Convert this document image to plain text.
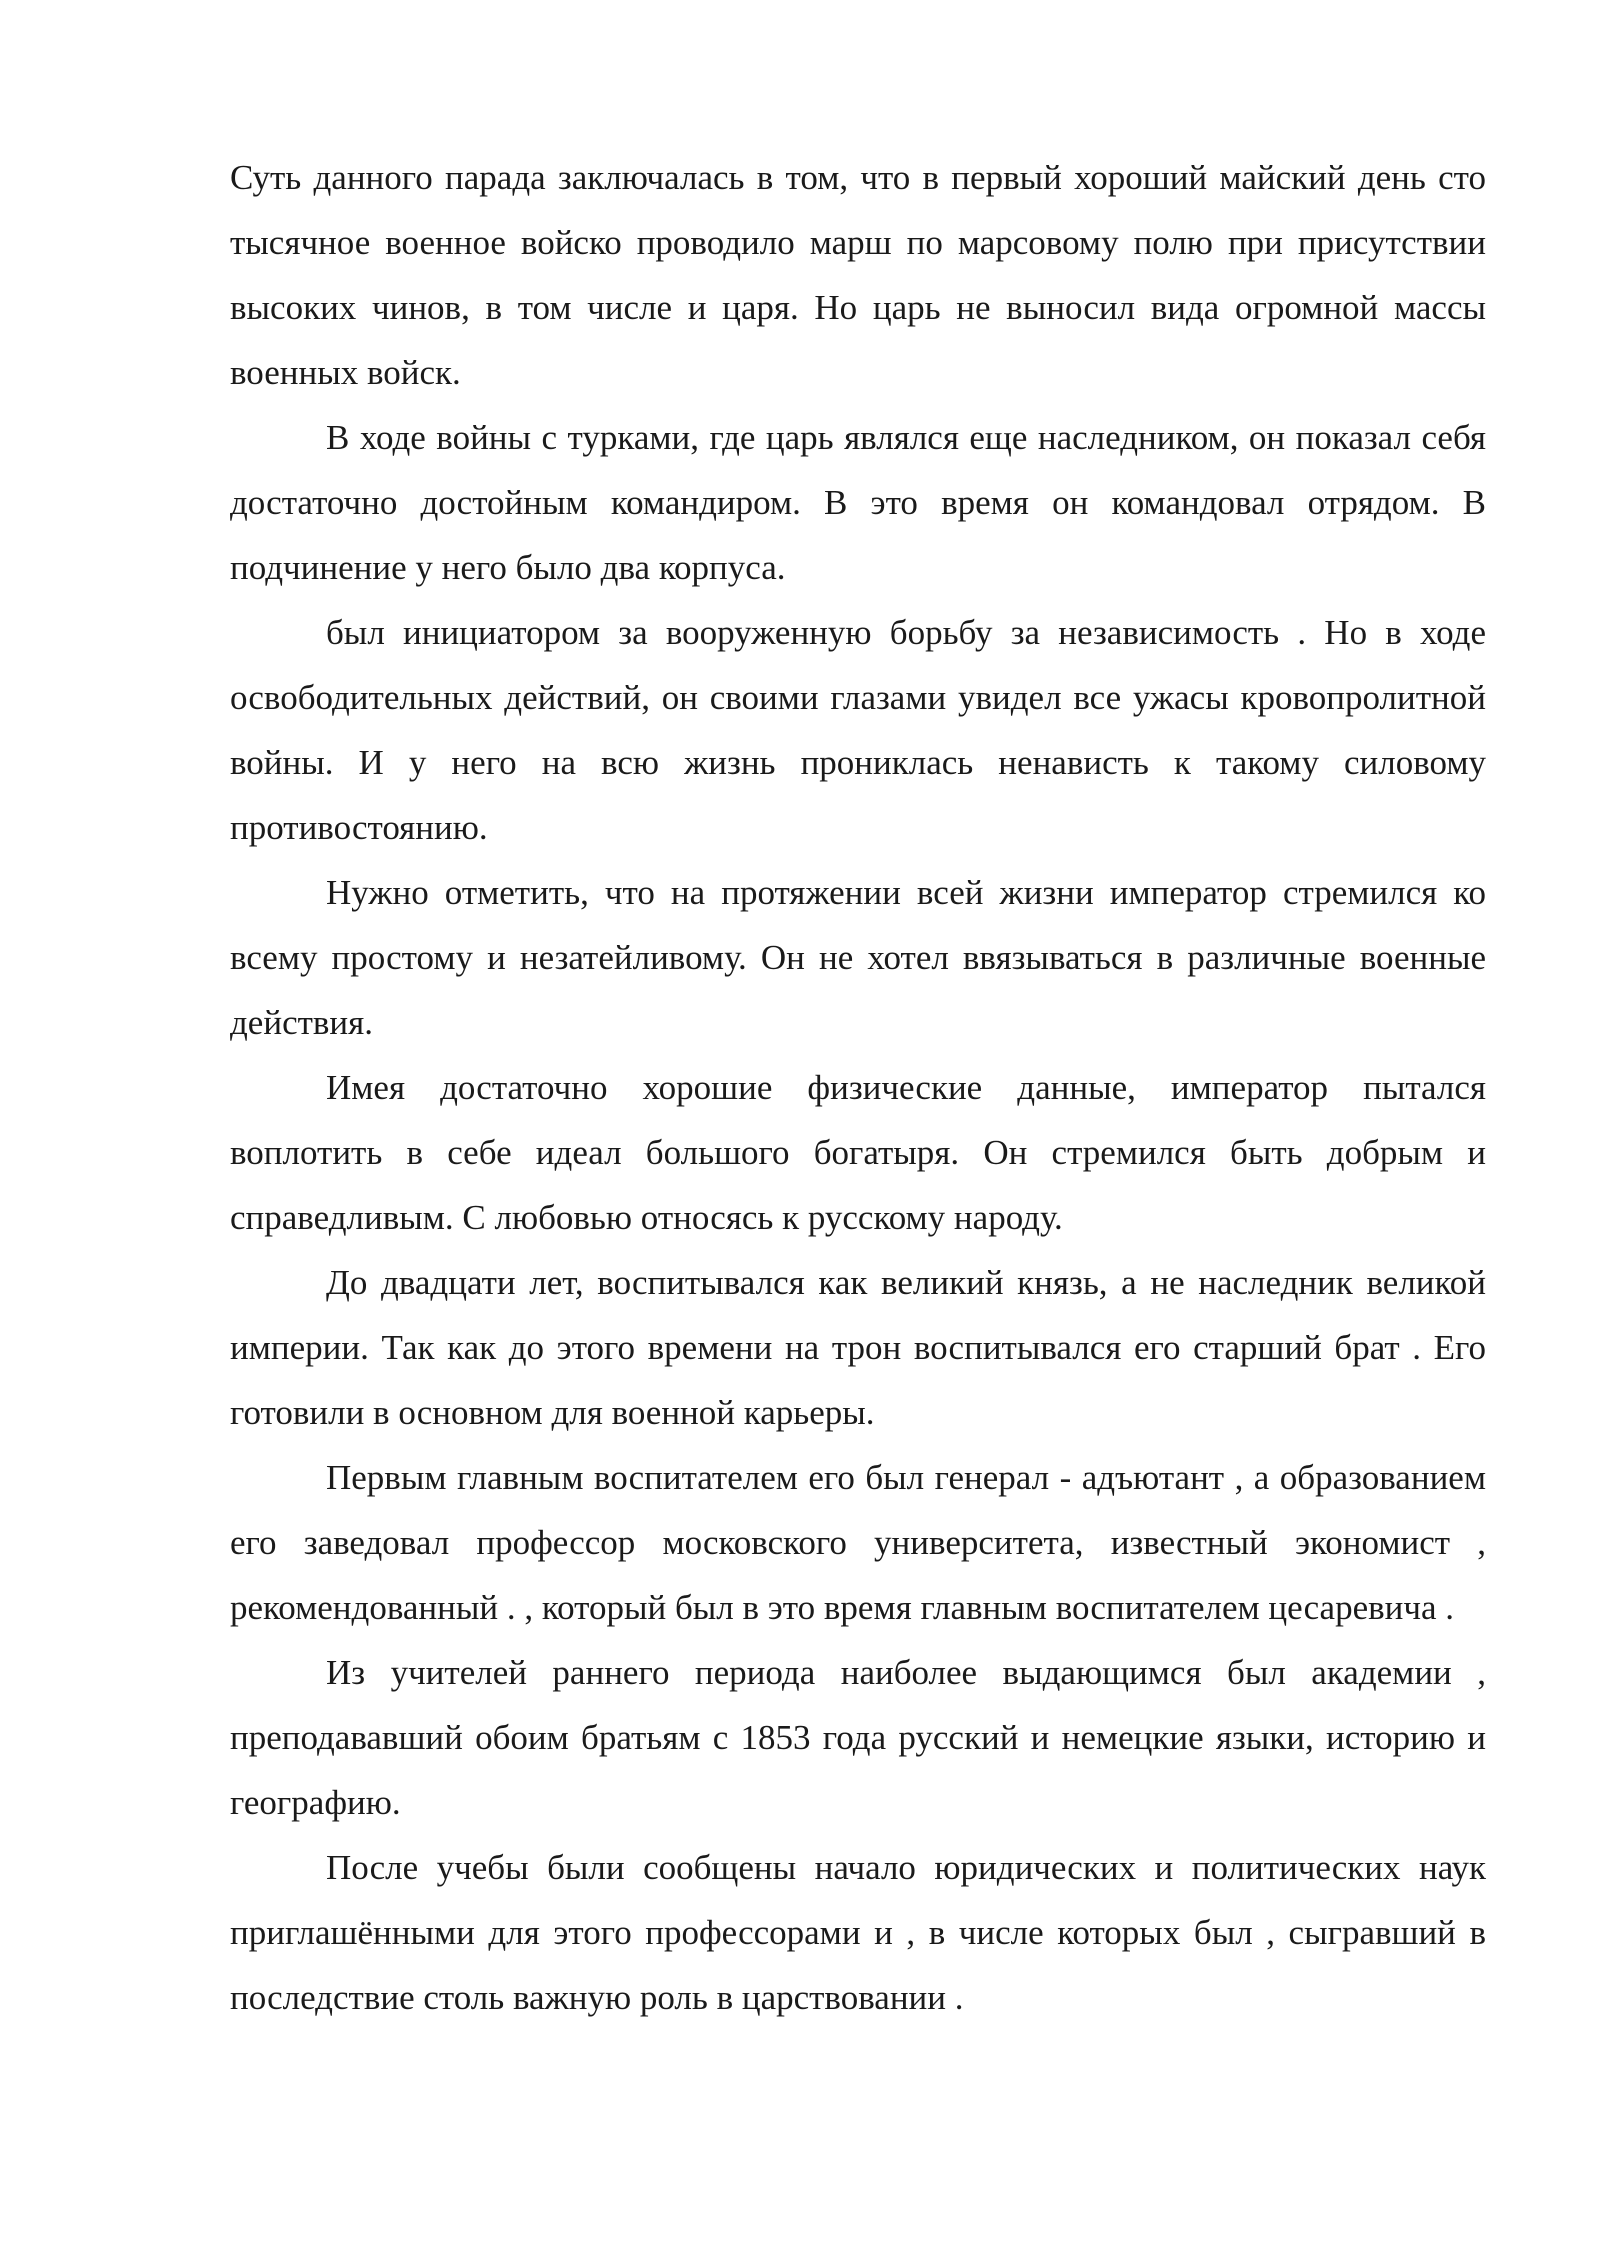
Суть данного парада заключалась в том, что в первый хороший майский день сто тысячное военное войско проводило марш по марсовому полю при присутствии высоких чинов, в том числе и царя. Но царь не выносил вида огромной массы военных войск.

В ходе войны с турками, где царь являлся еще наследником, он показал себя достаточно достойным командиром. В это время он командовал отрядом. В подчинение у него было два корпуса.

был инициатором за вооруженную борьбу за независимость . Но в ходе освободительных действий, он своими глазами увидел все ужасы кровопролитной войны. И у него на всю жизнь прониклась ненависть к такому силовому противостоянию.

Нужно отметить, что на протяжении всей жизни император стремился ко всему простому и незатейливому. Он не хотел ввязываться в различные военные действия.

Имея достаточно хорошие физические данные, император пытался воплотить в себе идеал большого богатыря. Он стремился быть добрым и справедливым. С любовью относясь к русскому народу.

До двадцати лет, воспитывался как великий князь, а не наследник великой империи. Так как до этого времени на трон воспитывался его старший брат . Его готовили в основном для военной карьеры.

Первым главным воспитателем его был генерал - адъютант , а образованием его заведовал профессор московского университета, известный экономист , рекомендованный . , который был в это время главным воспитателем цесаревича .

Из учителей раннего периода наиболее выдающимся был академии , преподававший обоим братьям с 1853 года русский и немецкие языки, историю и географию.

После учебы были сообщены начало юридических и политических наук приглашёнными для этого профессорами и , в числе которых был , сыгравший в последствие столь важную роль в царствовании .
